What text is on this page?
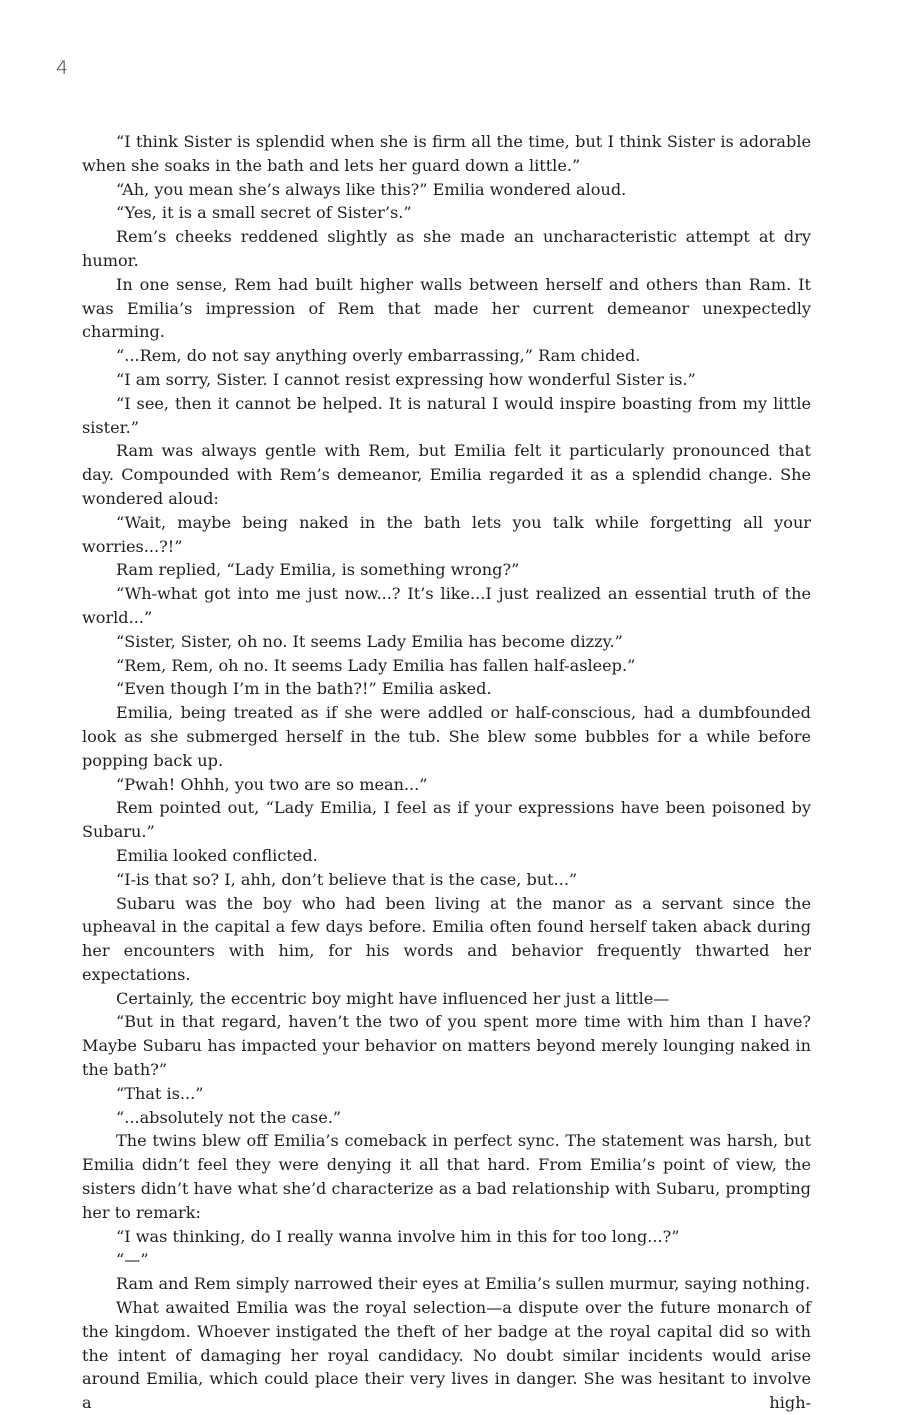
4

“I think Sister is splendid when she is firm all the time, but I think Sister is adorable when she soaks in the bath and lets her guard down a little.”

“Ah, you mean she’s always like this?” Emilia wondered aloud.

“Yes, it is a small secret of Sister’s.”

Rem’s cheeks reddened slightly as she made an uncharacteristic attempt at dry humor.

In one sense, Rem had built higher walls between herself and others than Ram. It was Emilia’s impression of Rem that made her current demeanor unexpectedly charming.

“...Rem, do not say anything overly embarrassing,” Ram chided.

“I am sorry, Sister. I cannot resist expressing how wonderful Sister is.”

“I see, then it cannot be helped. It is natural I would inspire boasting from my little sister.”

Ram was always gentle with Rem, but Emilia felt it particularly pronounced that day. Compounded with Rem’s demeanor, Emilia regarded it as a splendid change. She wondered aloud:

“Wait, maybe being naked in the bath lets you talk while forgetting all your worries...?!”

Ram replied, “Lady Emilia, is something wrong?”

“Wh-what got into me just now...? It’s like...I just realized an essential truth of the world...”

“Sister, Sister, oh no. It seems Lady Emilia has become dizzy.”

“Rem, Rem, oh no. It seems Lady Emilia has fallen half-asleep.”

“Even though I’m in the bath?!” Emilia asked.

Emilia, being treated as if she were addled or half-conscious, had a dumbfounded look as she submerged herself in the tub. She blew some bubbles for a while before popping back up.

“Pwah! Ohhh, you two are so mean...”

Rem pointed out, “Lady Emilia, I feel as if your expressions have been poisoned by Subaru.”

Emilia looked conflicted.

“I-is that so? I, ahh, don’t believe that is the case, but...”

Subaru was the boy who had been living at the manor as a servant since the upheaval in the capital a few days before. Emilia often found herself taken aback during her encounters with him, for his words and behavior frequently thwarted her expectations.

Certainly, the eccentric boy might have influenced her just a little—

“But in that regard, haven’t the two of you spent more time with him than I have? Maybe Subaru has impacted your behavior on matters beyond merely lounging naked in the bath?”

“That is...”

“...absolutely not the case.”

The twins blew off Emilia’s comeback in perfect sync. The statement was harsh, but Emilia didn’t feel they were denying it all that hard. From Emilia’s point of view, the sisters didn’t have what she’d characterize as a bad relationship with Subaru, prompting her to remark:

“I was thinking, do I really wanna involve him in this for too long...?”

“—”

Ram and Rem simply narrowed their eyes at Emilia’s sullen murmur, saying nothing.

What awaited Emilia was the royal selection—a dispute over the future monarch of the kingdom. Whoever instigated the theft of her badge at the royal capital did so with the intent of damaging her royal candidacy. No doubt similar incidents would arise around Emilia, which could place their very lives in danger. She was hesitant to involve a high-
